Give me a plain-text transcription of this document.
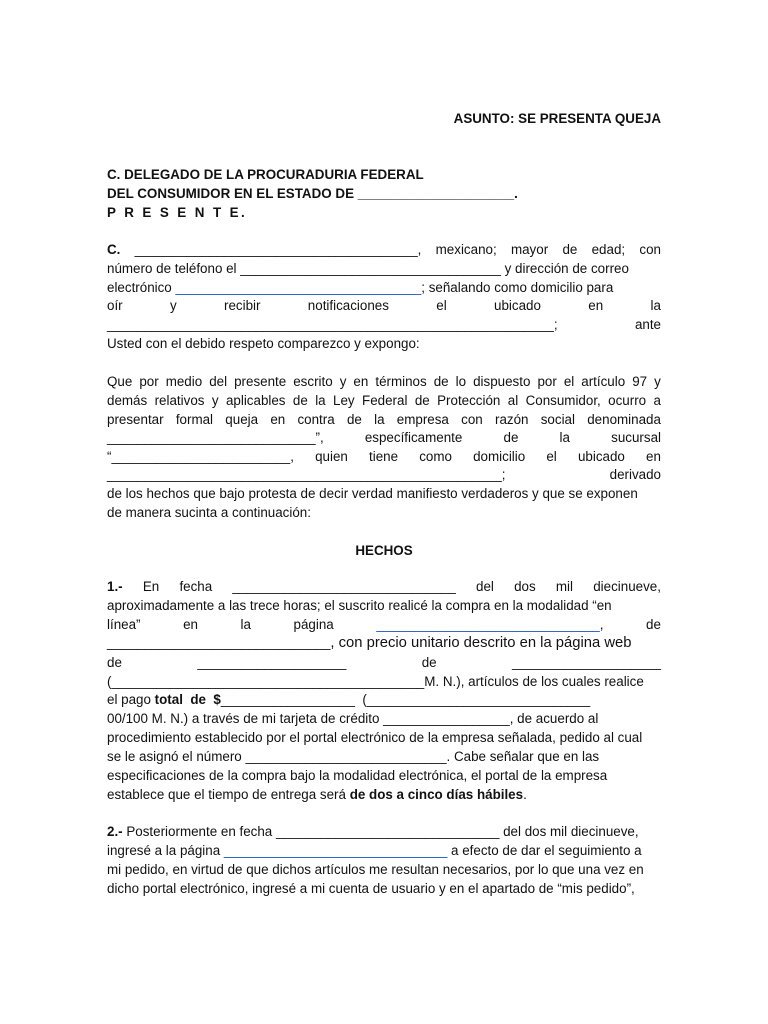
ASUNTO: SE PRESENTA QUEJA
C. DELEGADO DE LA PROCURADURIA FEDERAL
DEL CONSUMIDOR EN EL ESTADO DE _____________________.
P R E S E N T E.
C. ______________________________________, mexicano; mayor de edad; con
número de teléfono el ___________________________________ y dirección de correo
electrónico _________________________________; señalando como domicilio para
oír	y	recibir	notificaciones	el	ubicado	en	la
____________________________________________________________;	ante
Usted con el debido respeto comparezco y expongo:
Que por medio del presente escrito y en términos de lo dispuesto por el artículo 97 y
demás relativos y aplicables de la Ley Federal de Protección al Consumidor, ocurro a
presentar formal queja en contra de la empresa con razón social denominada
____________________________”,	específicamente	de	la	sucursal
“________________________, quien tiene como domicilio el ubicado en
_____________________________________________________;	derivado
de los hechos que bajo protesta de decir verdad manifiesto verdaderos y que se exponen
de manera sucinta a continuación:
HECHOS
1.- En fecha ______________________________ del dos mil diecinueve,
aproximadamente a las trece horas; el suscrito realicé la compra en la modalidad “en
línea”	en	la	página	______________________________,	de
______________________________, con precio unitario descrito en la página web
de	____________________	de	____________________
(__________________________________________M. N.), artículos de los cuales realice
el pago total  de  $__________________  (______________________________
00/100 M. N.) a través de mi tarjeta de crédito _________________, de acuerdo al
procedimiento establecido por el portal electrónico de la empresa señalada, pedido al cual
se le asignó el número ___________________________. Cabe señalar que en las
especificaciones de la compra bajo la modalidad electrónica, el portal de la empresa
establece que el tiempo de entrega será de dos a cinco días hábiles.
2.- Posteriormente en fecha ______________________________ del dos mil diecinueve,
ingresé a la página ______________________________ a efecto de dar el seguimiento a
mi pedido, en virtud de que dichos artículos me resultan necesarios, por lo que una vez en
dicho portal electrónico, ingresé a mi cuenta de usuario y en el apartado de “mis pedido”,
